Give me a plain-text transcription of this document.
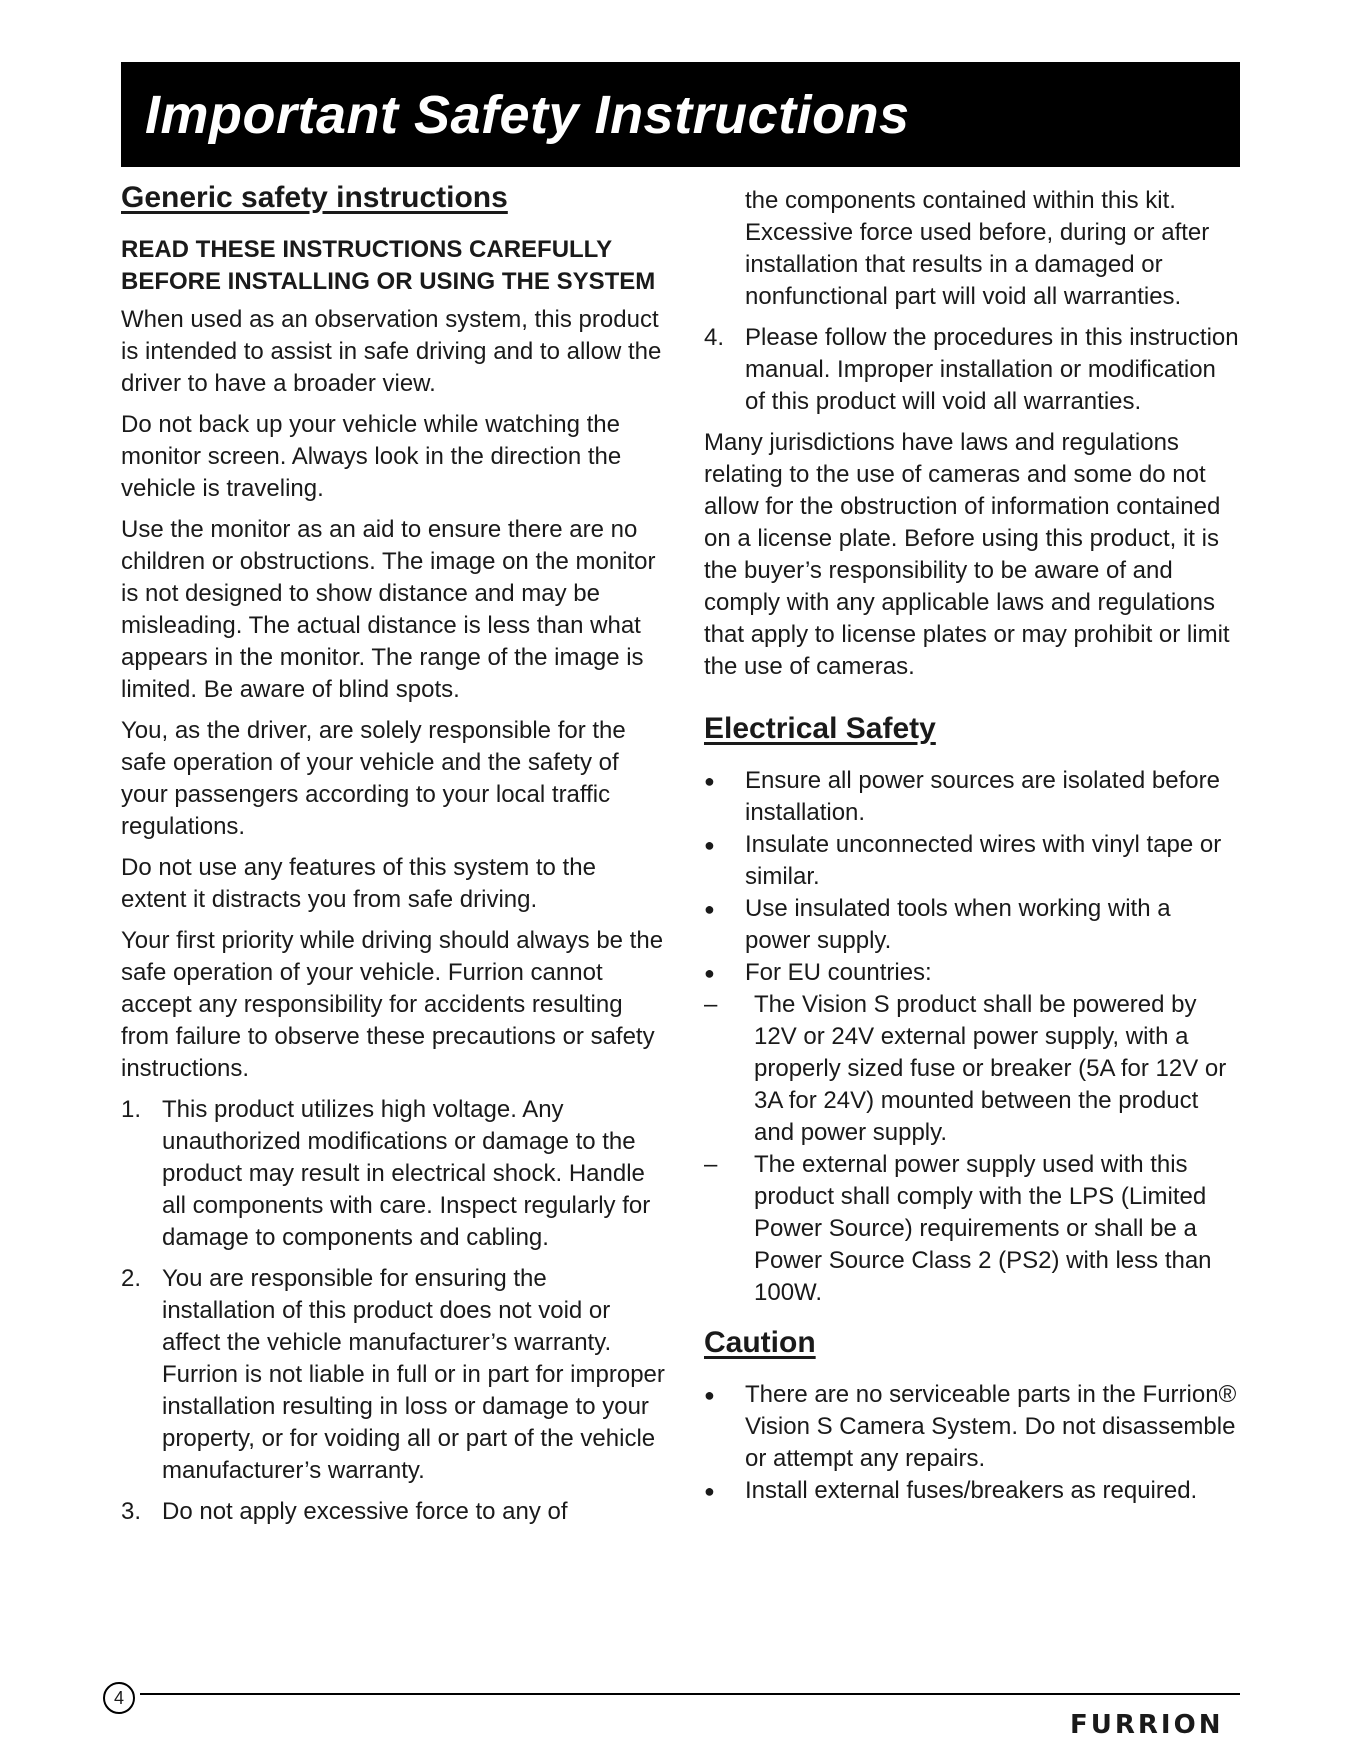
Important Safety Instructions
Generic safety instructions
READ THESE INSTRUCTIONS CAREFULLY BEFORE INSTALLING OR USING THE SYSTEM

When used as an observation system, this product is intended to assist in safe driving and to allow the driver to have a broader view.

Do not back up your vehicle while watching the monitor screen. Always look in the direction the vehicle is traveling.

Use the monitor as an aid to ensure there are no children or obstructions. The image on the monitor is not designed to show distance and may be misleading. The actual distance is less than what appears in the monitor. The range of the image is limited. Be aware of blind spots.

You, as the driver, are solely responsible for the safe operation of your vehicle and the safety of your passengers according to your local traffic regulations.

Do not use any features of this system to the extent it distracts you from safe driving.

Your first priority while driving should always be the safe operation of your vehicle. Furrion cannot accept any responsibility for accidents resulting from failure to observe these precautions or safety instructions.

1. This product utilizes high voltage. Any unauthorized modifications or damage to the product may result in electrical shock. Handle all components with care. Inspect regularly for damage to components and cabling.
2. You are responsible for ensuring the installation of this product does not void or affect the vehicle manufacturer’s warranty. Furrion is not liable in full or in part for improper installation resulting in loss or damage to your property, or for voiding all or part of the vehicle manufacturer’s warranty.
3. Do not apply excessive force to any of
the components contained within this kit. Excessive force used before, during or after installation that results in a damaged or nonfunctional part will void all warranties.
4. Please follow the procedures in this instruction manual. Improper installation or modification of this product will void all warranties.

Many jurisdictions have laws and regulations relating to the use of cameras and some do not allow for the obstruction of information contained on a license plate. Before using this product, it is the buyer’s responsibility to be aware of and comply with any applicable laws and regulations that apply to license plates or may prohibit or limit the use of cameras.

Electrical Safety
●	Ensure all power sources are isolated before installation.
●	Insulate unconnected wires with vinyl tape or similar.
●	Use insulated tools when working with a power supply.
●	For EU countries:
–	The Vision S product shall be powered by 12V or 24V external power supply, with a properly sized fuse or breaker (5A for 12V or 3A for 24V) mounted between the product and power supply.
–	The external power supply used with this product shall comply with the LPS (Limited Power Source) requirements or shall be a Power Source Class 2 (PS2) with less than 100W.
Caution
●	There are no serviceable parts in the Furrion® Vision S Camera System. Do not disassemble or attempt any repairs.
●	Install external fuses/breakers as required.
4
FURRION
